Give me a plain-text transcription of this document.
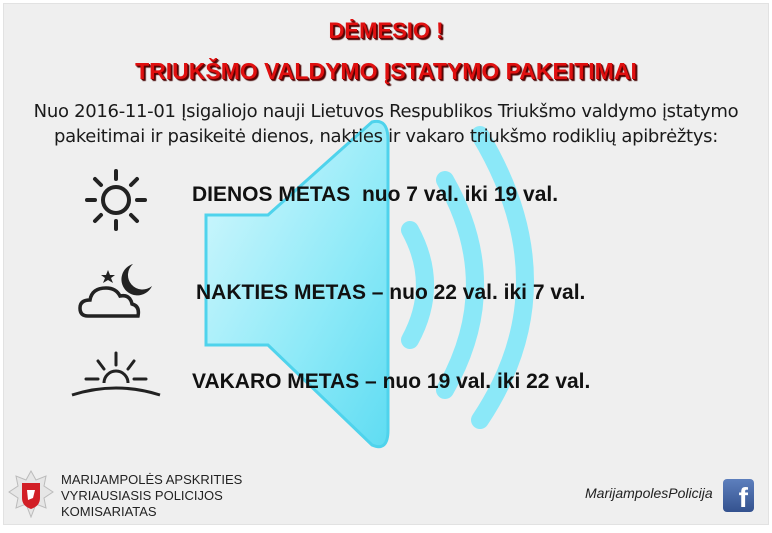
DĖMESIO !
TRIUKŠMO VALDYMO ĮSTATYMO PAKEITIMAI
Nuo 2016-11-01 Įsigaliojo nauji Lietuvos Respublikos Triukšmo valdymo įstatymo
pakeitimai ir pasikeitė dienos, nakties ir vakaro triukšmo rodiklių apibrėžtys:
DIENOS METAS  nuo 7 val. iki 19 val.
NAKTIES METAS – nuo 22 val. iki 7 val.
VAKARO METAS – nuo 19 val. iki 22 val.
MARIJAMPOLĖS APSKRITIES
VYRIAUSIASIS POLICIJOS
KOMISARIATAS
MarijampolesPolicija f
